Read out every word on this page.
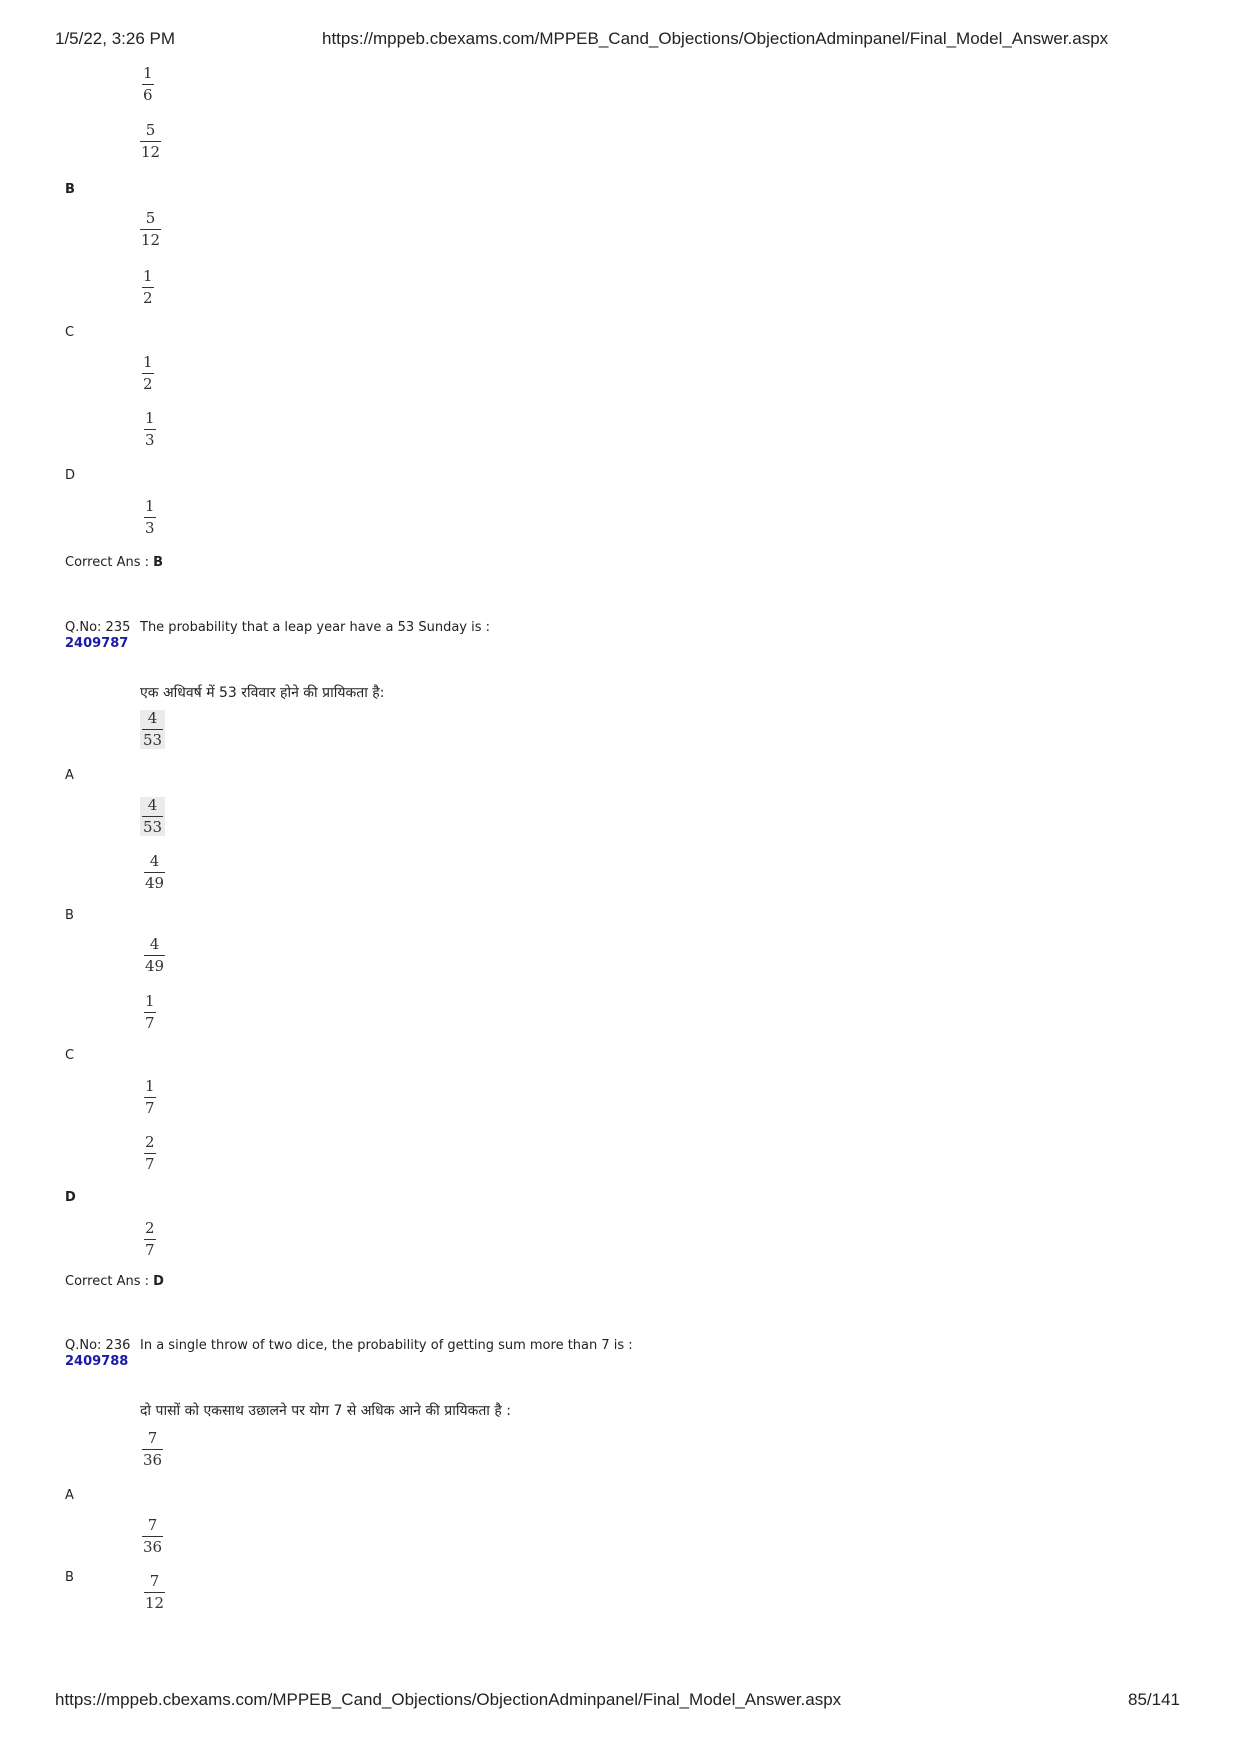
1/5/22, 3:26 PM	https://mppeb.cbexams.com/MPPEB_Cand_Objections/ObjectionAdminpanel/Final_Model_Answer.aspx
1
6
5
12
B
5
12
1
2
C
1
2
1
3
D
1
3
Correct Ans : B
Q.No: 235
2409787
The probability that a leap year have a 53 Sunday is :
एक अधिवर्ष में 53 रविवार होने की प्रायिकता है:
4
53
A
4
53
4
49
B
4
49
1
7
C
1
7
2
7
D
2
7
Correct Ans : D
Q.No: 236
2409788
In a single throw of two dice, the probability of getting sum more than 7 is :
दो पासों को एकसाथ उछालने पर योग 7 से अधिक आने की प्रायिकता है :
7
36
A
7
36
B	7
12
https://mppeb.cbexams.com/MPPEB_Cand_Objections/ObjectionAdminpanel/Final_Model_Answer.aspx	85/141
